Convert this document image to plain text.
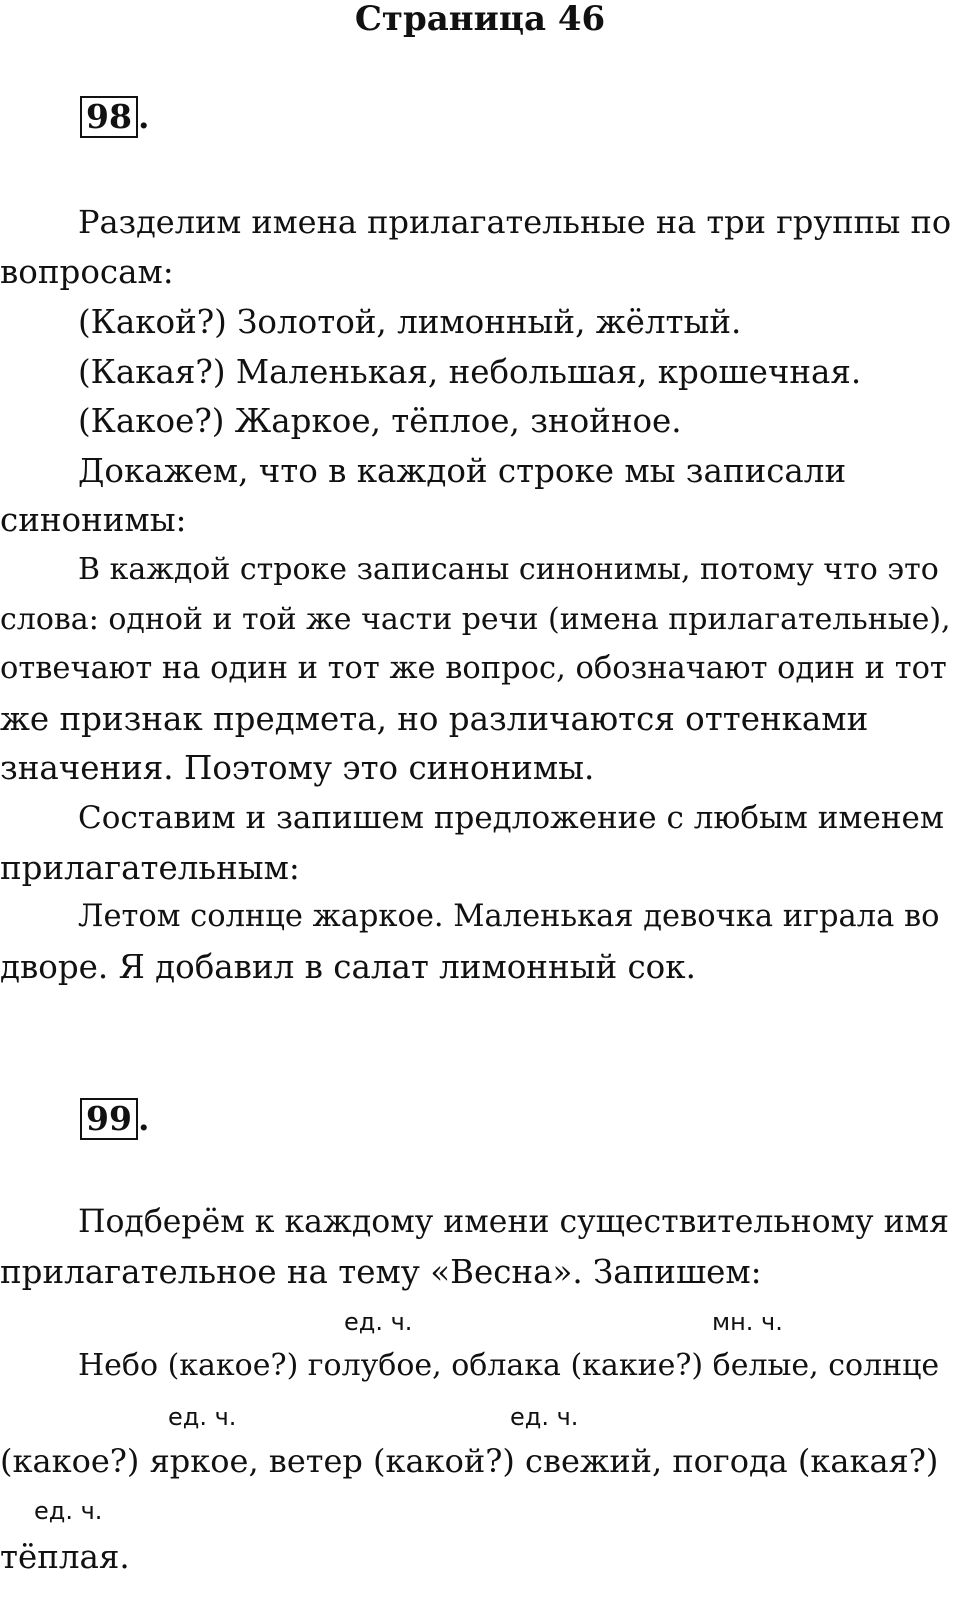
Страница 46
98 .
Разделим имена прилагательные на три группы по
вопросам:
(Какой?) Золотой, лимонный, жёлтый.
(Какая?) Маленькая, небольшая, крошечная.
(Какое?) Жаркое, тёплое, знойное.
Докажем, что в каждой строке мы записали
синонимы:
В каждой строке записаны синонимы, потому что это
слова: одной и той же части речи (имена прилагательные),
отвечают на один и тот же вопрос, обозначают один и тот
же признак предмета, но различаются оттенками
значения. Поэтому это синонимы.
Составим и запишем предложение с любым именем
прилагательным:
Летом солнце жаркое. Маленькая девочка играла во
дворе. Я добавил в салат лимонный сок.
99 .
Подберём к каждому имени существительному имя
прилагательное на тему «Весна». Запишем:
ед. ч.	мн. ч.
Небо (какое?) голубое, облака (какие?) белые, солнце
ед. ч.	ед. ч.
(какое?) яркое, ветер (какой?) свежий, погода (какая?)
ед. ч.
тёплая.
